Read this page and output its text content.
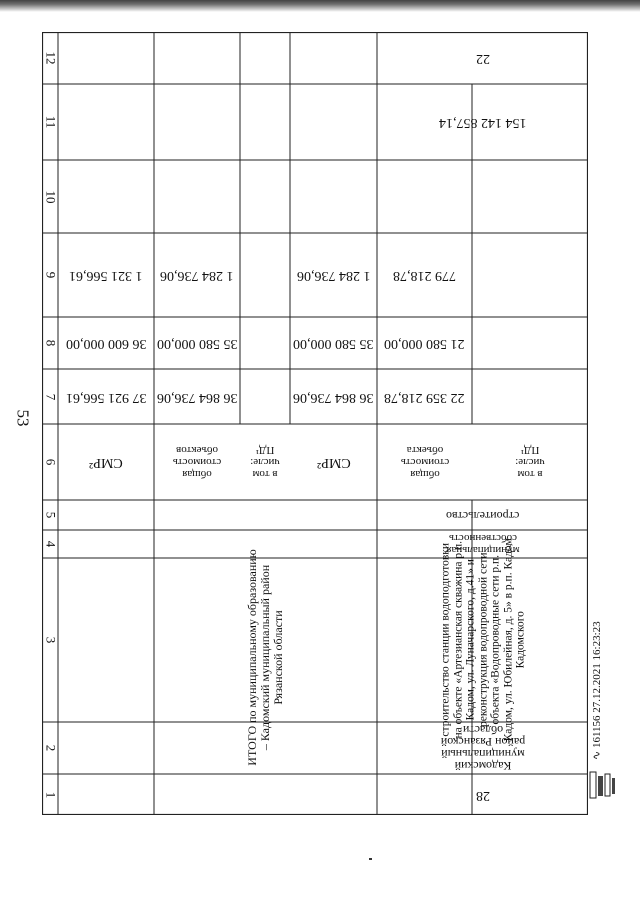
53
12
11
10
9
8
7
6
5
4
3
2
1
СМР²
37 921 566,61
36 600 000,00
1 321 566,61
ИТОГО по муниципальному образованию – Кадомский муниципальный район Рязанской области
общая стоимость объектов
36 864 736,06
35 580 000,00
1 284 736,06
в том числе: ПД¹
СМР²
36 864 736,06
35 580 000,00
1 284 736,06
28
Кадомский муниципальный район Рязанской области
строительство станции водоподготовки на объекте «Артезианская скважина р.п. Кадом, ул. Луначарского, д.41» и реконструкция водопроводной сети объекта «Водопроводные сети р.п. Кадом, ул. Юбилейная, д. 5» в р.п. Кадом Кадомского
муниципальная собственность
строительство
общая стоимость объекта
22 359 218,78
21 580 000,00
779 218,78
154 142 857,14
22
в том числе: ПД¹
∿ 161156 27.12.2021 16:23:23
